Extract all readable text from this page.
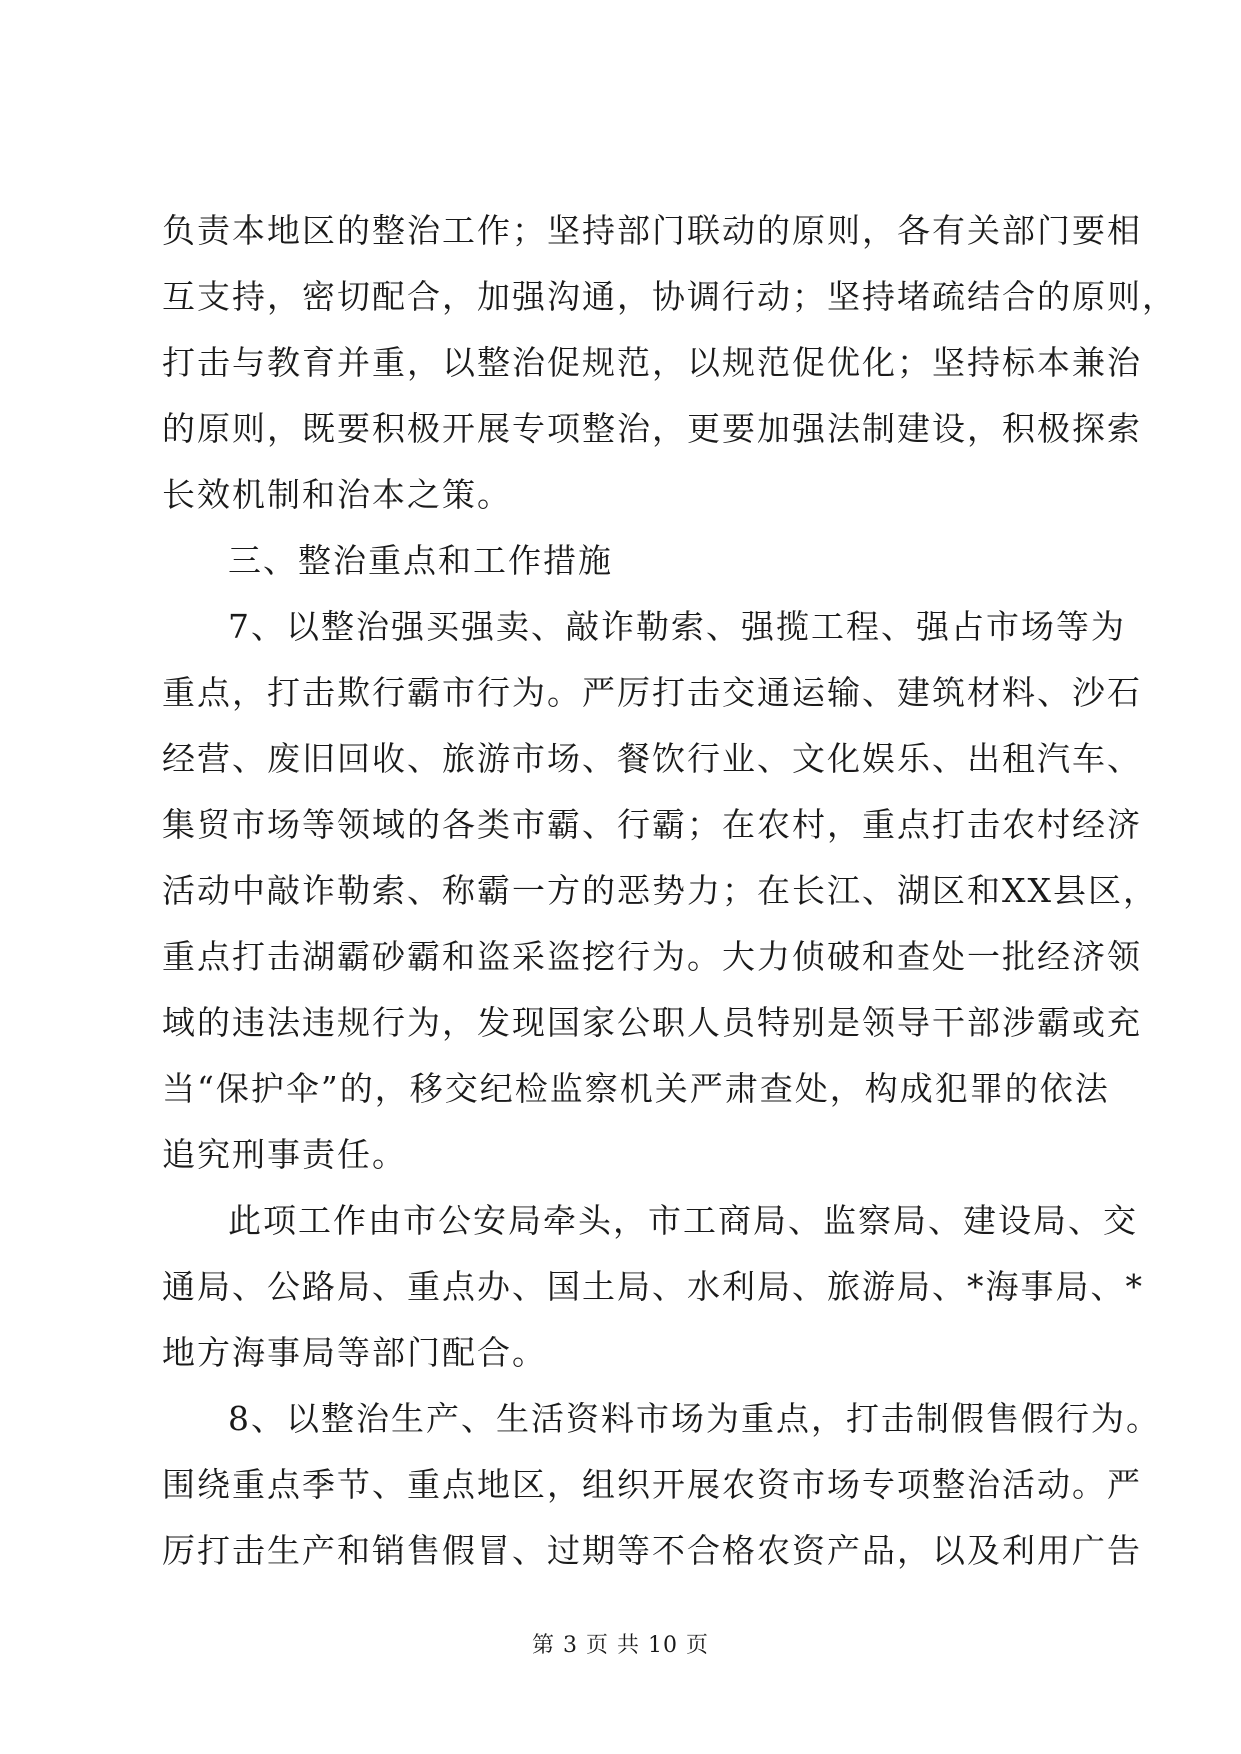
负责本地区的整治工作；坚持部门联动的原则，各有关部门要相
互支持，密切配合，加强沟通，协调行动；坚持堵疏结合的原则，
打击与教育并重，以整治促规范，以规范促优化；坚持标本兼治
的原则，既要积极开展专项整治，更要加强法制建设，积极探索
长效机制和治本之策。
三、整治重点和工作措施
7、以整治强买强卖、敲诈勒索、强揽工程、强占市场等为
重点，打击欺行霸市行为。严厉打击交通运输、建筑材料、沙石
经营、废旧回收、旅游市场、餐饮行业、文化娱乐、出租汽车、
集贸市场等领域的各类市霸、行霸；在农村，重点打击农村经济
活动中敲诈勒索、称霸一方的恶势力；在长江、湖区和XX县区，
重点打击湖霸砂霸和盗采盗挖行为。大力侦破和查处一批经济领
域的违法违规行为，发现国家公职人员特别是领导干部涉霸或充
当“保护伞”的，移交纪检监察机关严肃查处，构成犯罪的依法
追究刑事责任。
此项工作由市公安局牵头，市工商局、监察局、建设局、交
通局、公路局、重点办、国土局、水利局、旅游局、*海事局、*
地方海事局等部门配合。
8、以整治生产、生活资料市场为重点，打击制假售假行为。
围绕重点季节、重点地区，组织开展农资市场专项整治活动。严
厉打击生产和销售假冒、过期等不合格农资产品，以及利用广告
第 3 页 共 10 页
